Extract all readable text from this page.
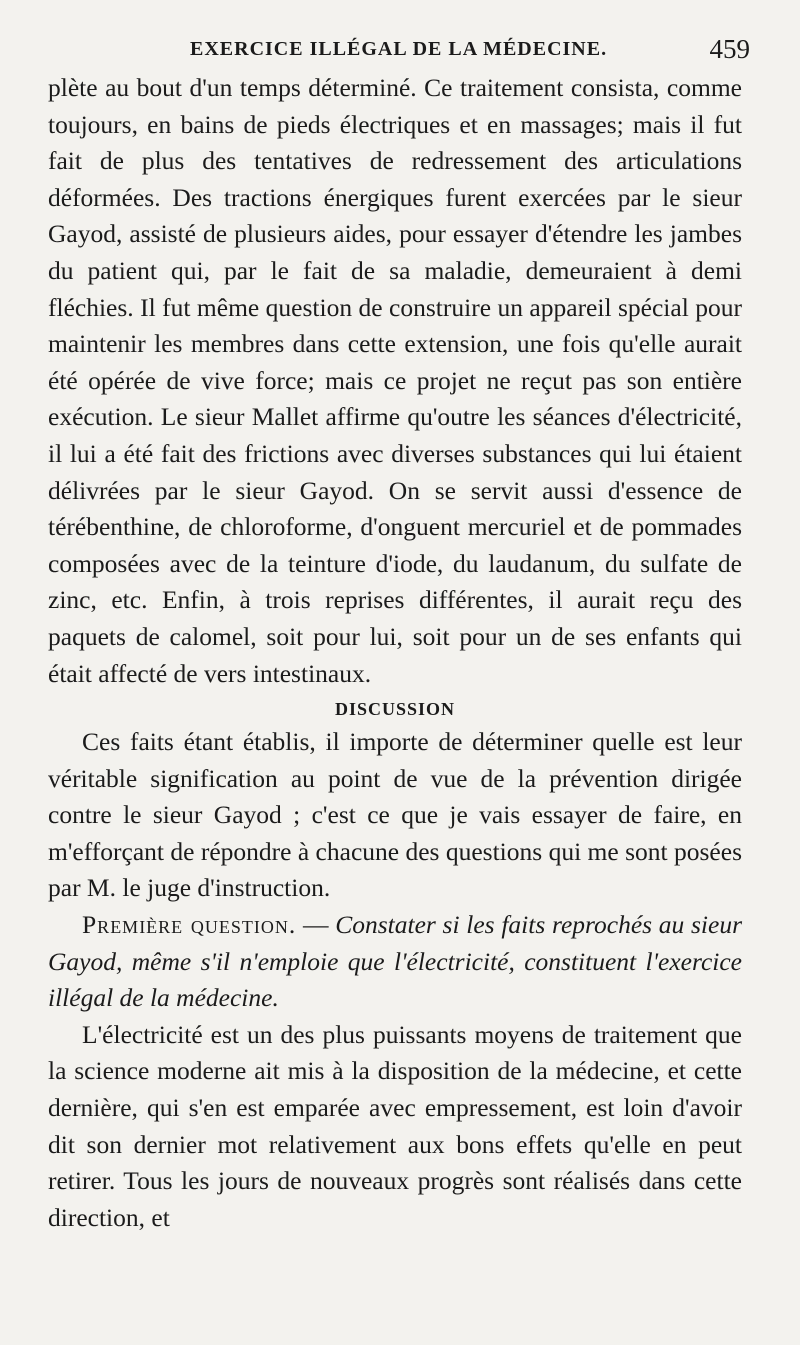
EXERCICE ILLÉGAL DE LA MÉDECINE.	459

plète au bout d'un temps déterminé. Ce traitement consista, comme toujours, en bains de pieds électriques et en massages; mais il fut fait de plus des tentatives de redressement des articulations déformées. Des tractions énergiques furent exercées par le sieur Gayod, assisté de plusieurs aides, pour essayer d'étendre les jambes du patient qui, par le fait de sa maladie, demeuraient à demi fléchies. Il fut même question de construire un appareil spécial pour maintenir les membres dans cette extension, une fois qu'elle aurait été opérée de vive force; mais ce projet ne reçut pas son entière exécution. Le sieur Mallet affirme qu'outre les séances d'électricité, il lui a été fait des frictions avec diverses substances qui lui étaient délivrées par le sieur Gayod. On se servit aussi d'essence de térébenthine, de chloroforme, d'onguent mercuriel et de pommades composées avec de la teinture d'iode, du laudanum, du sulfate de zinc, etc. Enfin, à trois reprises différentes, il aurait reçu des paquets de calomel, soit pour lui, soit pour un de ses enfants qui était affecté de vers intestinaux.

DISCUSSION

Ces faits étant établis, il importe de déterminer quelle est leur véritable signification au point de vue de la prévention dirigée contre le sieur Gayod ; c'est ce que je vais essayer de faire, en m'efforçant de répondre à chacune des questions qui me sont posées par M. le juge d'instruction.

Première question. — Constater si les faits reprochés au sieur Gayod, même s'il n'emploie que l'électricité, constituent l'exercice illégal de la médecine.

L'électricité est un des plus puissants moyens de traitement que la science moderne ait mis à la disposition de la médecine, et cette dernière, qui s'en est emparée avec empressement, est loin d'avoir dit son dernier mot relativement aux bons effets qu'elle en peut retirer. Tous les jours de nouveaux progrès sont réalisés dans cette direction, et
